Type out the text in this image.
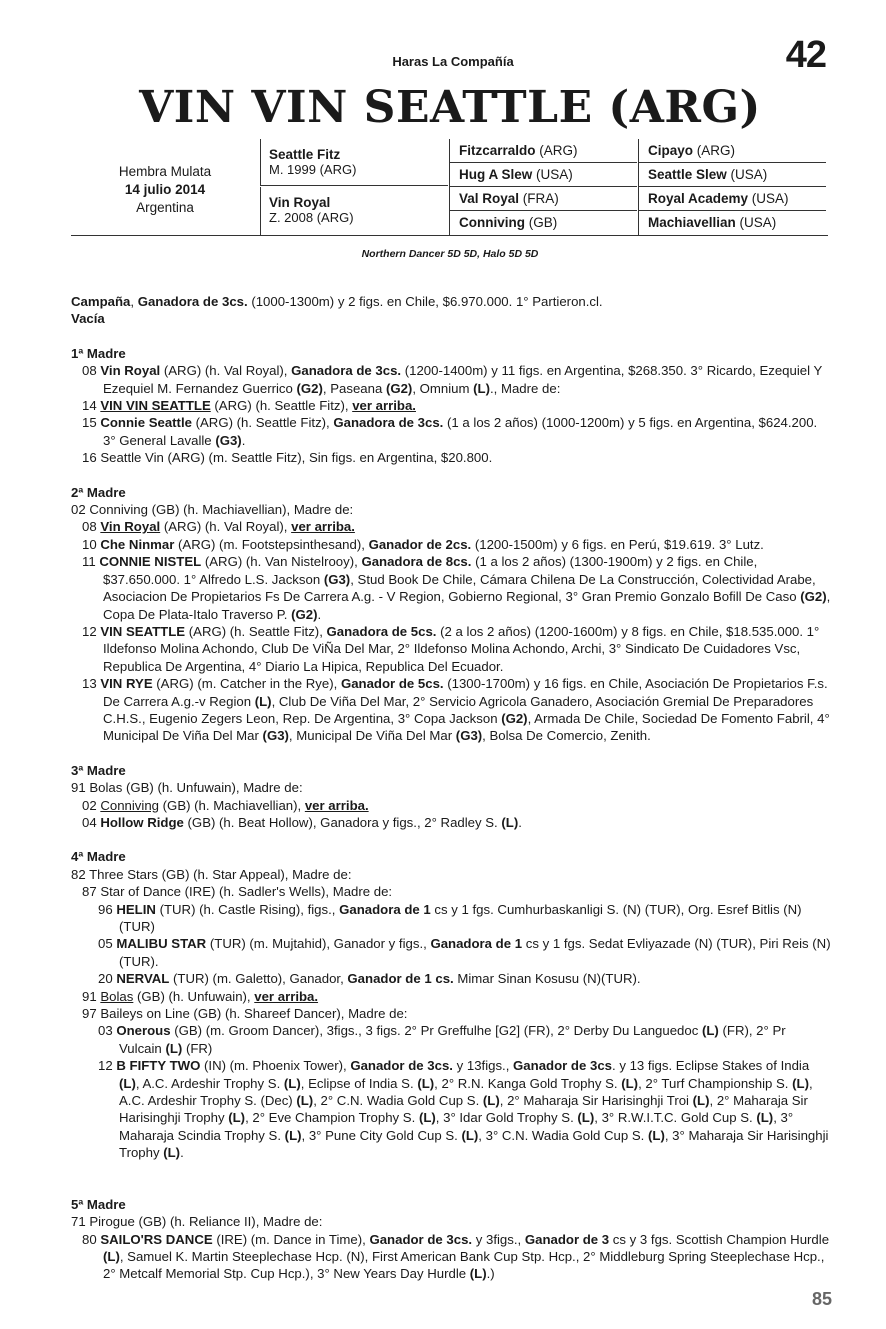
Haras La Compañía	42
VIN VIN SEATTLE (ARG)
Hembra Mulata
14 julio 2014
Argentina
Seattle Fitz
M. 1999 (ARG)
Vin Royal
Z. 2008 (ARG)
Fitzcarraldo (ARG)
Hug A Slew (USA)
Val Royal (FRA)
Conniving (GB)
Cipayo (ARG)
Seattle Slew (USA)
Royal Academy (USA)
Machiavellian (USA)
Northern Dancer 5D 5D, Halo 5D 5D

Campaña, Ganadora de 3cs. (1000-1300m) y 2 figs. en Chile, $6.970.000. 1° Partieron.cl.

Vacía

1ª Madre

08 Vin Royal (ARG) (h. Val Royal), Ganadora de 3cs. (1200-1400m) y 11 figs. en Argentina, $268.350. 3° Ricardo, Ezequiel Y Ezequiel M. Fernandez Guerrico (G2), Paseana (G2), Omnium (L)., Madre de:

14 VIN VIN SEATTLE (ARG) (h. Seattle Fitz), ver arriba.

15 Connie Seattle (ARG) (h. Seattle Fitz), Ganadora de 3cs. (1 a los 2 años) (1000-1200m) y 5 figs. en Argentina, $624.200. 3° General Lavalle (G3).

16 Seattle Vin (ARG) (m. Seattle Fitz), Sin figs. en Argentina, $20.800.

2ª Madre

02 Conniving (GB) (h. Machiavellian), Madre de:

08 Vin Royal (ARG) (h. Val Royal), ver arriba.

10 Che Ninmar (ARG) (m. Footstepsinthesand), Ganador de 2cs. (1200-1500m) y 6 figs. en Perú, $19.619. 3° Lutz.

11 CONNIE NISTEL (ARG) (h. Van Nistelrooy), Ganadora de 8cs. (1 a los 2 años) (1300-1900m) y 2 figs. en Chile, $37.650.000. 1° Alfredo L.S. Jackson (G3), Stud Book De Chile, Cámara Chilena De La Construcción, Colectividad Arabe, Asociacion De Propietarios Fs De Carrera A.g. - V Region, Gobierno Regional, 3° Gran Premio Gonzalo Bofill De Caso (G2), Copa De Plata-Italo Traverso P. (G2).

12 VIN SEATTLE (ARG) (h. Seattle Fitz), Ganadora de 5cs. (2 a los 2 años) (1200-1600m) y 8 figs. en Chile, $18.535.000. 1° Ildefonso Molina Achondo, Club De ViÑa Del Mar, 2° Ildefonso Molina Achondo, Archi, 3° Sindicato De Cuidadores Vsc, Republica De Argentina, 4° Diario La Hipica, Republica Del Ecuador.

13 VIN RYE (ARG) (m. Catcher in the Rye), Ganador de 5cs. (1300-1700m) y 16 figs. en Chile, Asociación De Propietarios F.s. De Carrera A.g.-v Region (L), Club De Viña Del Mar, 2° Servicio Agricola Ganadero, Asociación Gremial De Preparadores C.H.S., Eugenio Zegers Leon, Rep. De Argentina, 3° Copa Jackson (G2), Armada De Chile, Sociedad De Fomento Fabril, 4° Municipal De Viña Del Mar (G3), Municipal De Viña Del Mar (G3), Bolsa De Comercio, Zenith.

3ª Madre

91 Bolas (GB) (h. Unfuwain), Madre de:

02 Conniving (GB) (h. Machiavellian), ver arriba.

04 Hollow Ridge (GB) (h. Beat Hollow), Ganadora y figs., 2° Radley S. (L).

4ª Madre

82 Three Stars (GB) (h. Star Appeal), Madre de:

87 Star of Dance (IRE) (h. Sadler's Wells), Madre de:

96 HELIN (TUR) (h. Castle Rising), figs., Ganadora de 1 cs y 1 fgs. Cumhurbaskanligi S. (N) (TUR), Org. Esref Bitlis (N) (TUR)

05 MALIBU STAR (TUR) (m. Mujtahid), Ganador y figs., Ganadora de 1 cs y 1 fgs. Sedat Evliyazade (N) (TUR), Piri Reis (N) (TUR).

20 NERVAL (TUR) (m. Galetto), Ganador, Ganador de 1 cs. Mimar Sinan Kosusu (N)(TUR).

91 Bolas (GB) (h. Unfuwain), ver arriba.

97 Baileys on Line (GB) (h. Shareef Dancer), Madre de:

03 Onerous (GB) (m. Groom Dancer), 3figs., 3 figs. 2° Pr Greffulhe [G2] (FR), 2° Derby Du Languedoc (L) (FR), 2° Pr Vulcain (L) (FR)

12 B FIFTY TWO (IN) (m. Phoenix Tower), Ganador de 3cs. y 13figs., Ganador de 3cs. y 13 figs. Eclipse Stakes of India (L), A.C. Ardeshir Trophy S. (L), Eclipse of India S. (L), 2° R.N. Kanga Gold Trophy S. (L), 2° Turf Championship S. (L), A.C. Ardeshir Trophy S. (Dec) (L), 2° C.N. Wadia Gold Cup S. (L), 2° Maharaja Sir Harisinghji Troi (L), 2° Maharaja Sir Harisinghji Trophy (L), 2° Eve Champion Trophy S. (L), 3° Idar Gold Trophy S. (L), 3° R.W.I.T.C. Gold Cup S. (L), 3° Maharaja Scindia Trophy S. (L), 3° Pune City Gold Cup S. (L), 3° C.N. Wadia Gold Cup S. (L), 3° Maharaja Sir Harisinghji Trophy (L).

5ª Madre

71 Pirogue (GB) (h. Reliance II), Madre de:

80 SAILO'RS DANCE (IRE) (m. Dance in Time), Ganador de 3cs. y 3figs., Ganador de 3 cs y 3 fgs. Scottish Champion Hurdle (L), Samuel K. Martin Steeplechase Hcp. (N), First American Bank Cup Stp. Hcp., 2° Middleburg Spring Steeplechase Hcp., 2° Metcalf Memorial Stp. Cup Hcp.), 3° New Years Day Hurdle (L).)

85
